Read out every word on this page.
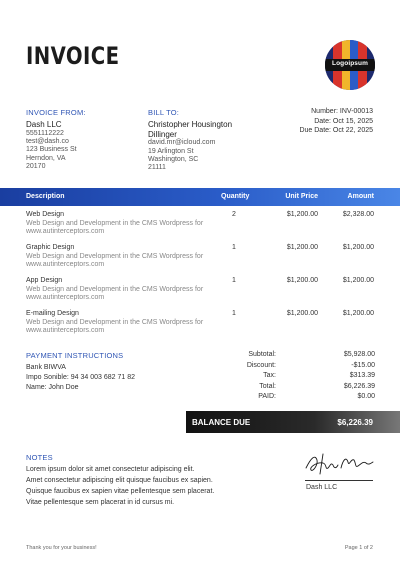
INVOICE	Logoipsum
INVOICE FROM:
Dash LLC
5551112222
test@dash.co
123 Business St
Herndon, VA
20170
BILL TO:
Christopher Housington
Dillinger
david.mr@icloud.com
19 Arlington St
Washington, SC
21111
Number: INV-00013
Date: Oct 15, 2025
Due Date: Oct 22, 2025
Description	Quantity	Unit Price	Amount
Web Design
Web Design and Development in the CMS Wordpress for
www.autinterceptors.com
2	$1,200.00	$2,328.00
Graphic Design
Web Design and Development in the CMS Wordpress for
www.autinterceptors.com
1	$1,200.00	$1,200.00
App Design
Web Design and Development in the CMS Wordpress for
www.autinterceptors.com
1	$1,200.00	$1,200.00
E-mailing Design
Web Design and Development in the CMS Wordpress for
www.autinterceptors.com
1	$1,200.00	$1,200.00
PAYMENT INSTRUCTIONS
Bank BIWVA
Impo Sonible: 94 34 003 682 71 82
Name: John Doe
Subtotal:	$5,928.00
Discount:	-$15.00
Tax:	$313.39
Total:	$6,226.39
PAID:	$0.00
BALANCE DUE	$6,226.39
NOTES
Lorem ipsum dolor sit amet consectetur adipiscing elit.
Amet consectetur adipiscing elit quisque faucibus ex sapien.
Quisque faucibus ex sapien vitae pellentesque sem placerat.
Vitae pellentesque sem placerat in id cursus mi.
Dash LLC
Thank you for your business!	Page 1 of 2
